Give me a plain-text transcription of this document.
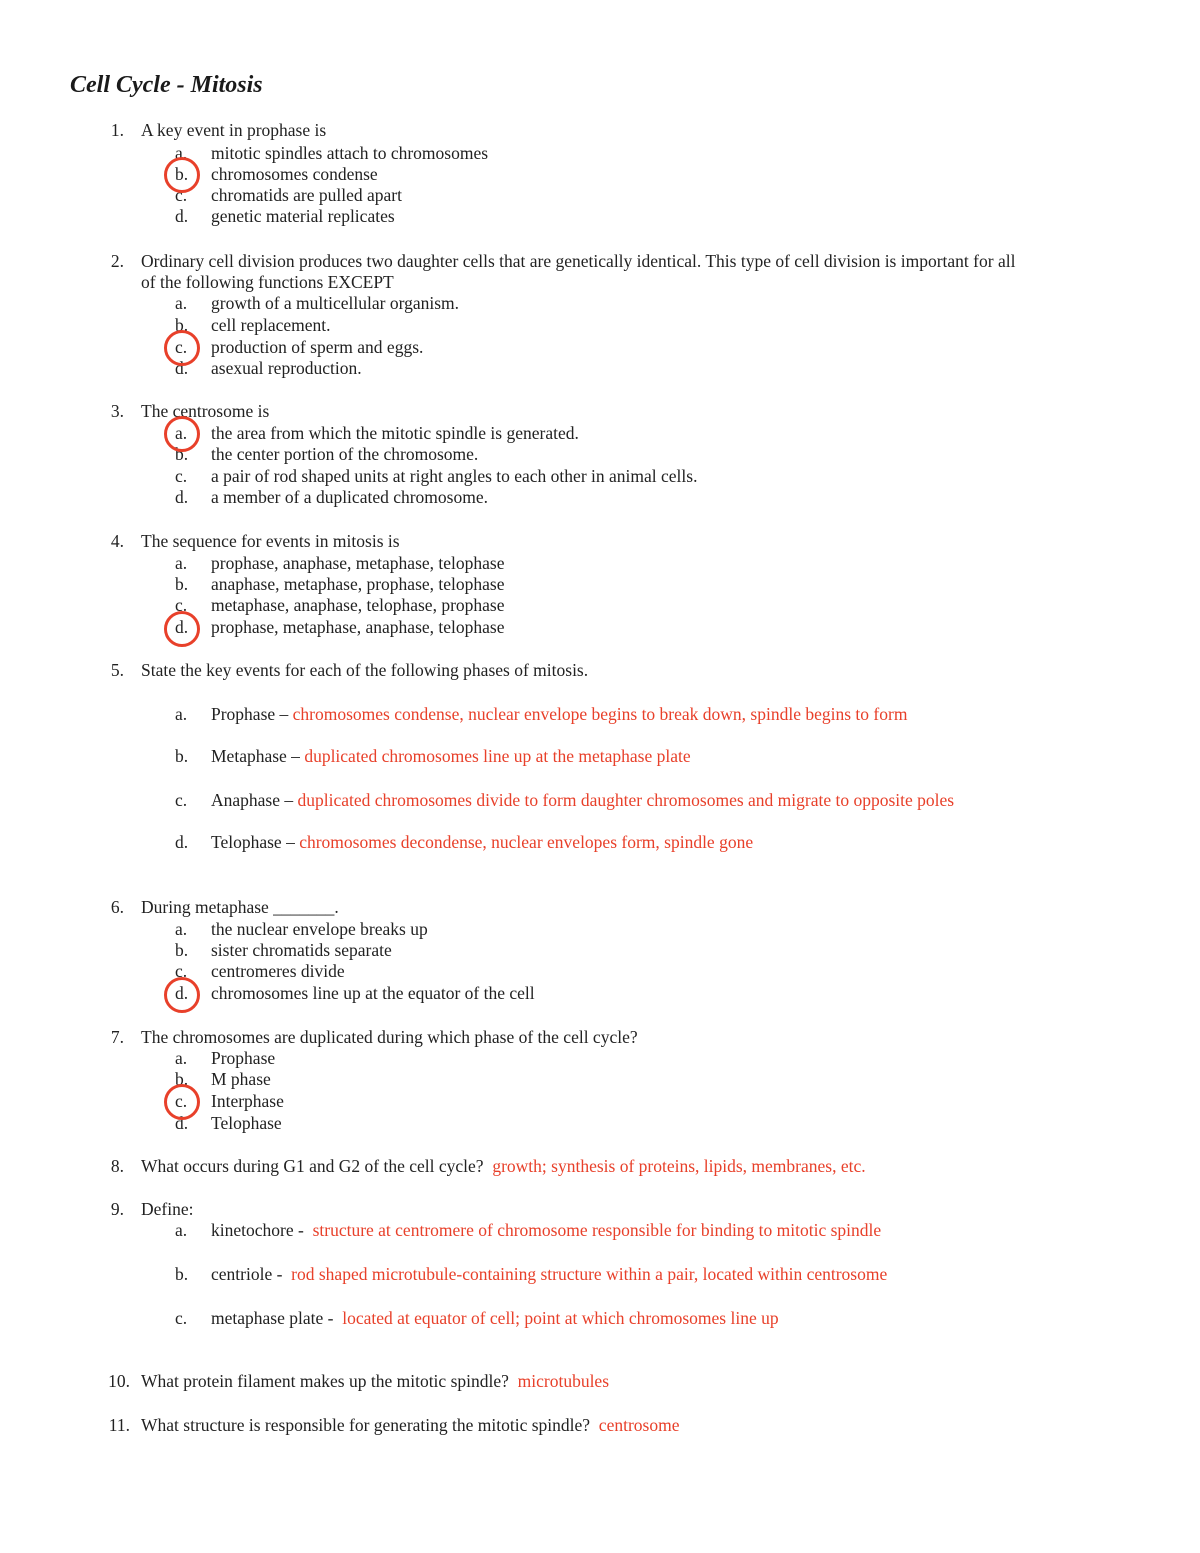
Cell Cycle - Mitosis
1. A key event in prophase is
a. mitotic spindles attach to chromosomes
b. chromosomes condense
c. chromatids are pulled apart
d. genetic material replicates
2. Ordinary cell division produces two daughter cells that are genetically identical. This type of cell division is important for all
of the following functions EXCEPT
a. growth of a multicellular organism.
b. cell replacement.
c. production of sperm and eggs.
d. asexual reproduction.
3. The centrosome is
a. the area from which the mitotic spindle is generated.
b. the center portion of the chromosome.
c. a pair of rod shaped units at right angles to each other in animal cells.
d. a member of a duplicated chromosome.
4. The sequence for events in mitosis is
a. prophase, anaphase, metaphase, telophase
b. anaphase, metaphase, prophase, telophase
c. metaphase, anaphase, telophase, prophase
d. prophase, metaphase, anaphase, telophase
5. State the key events for each of the following phases of mitosis.
a. Prophase – chromosomes condense, nuclear envelope begins to break down, spindle begins to form
b. Metaphase – duplicated chromosomes line up at the metaphase plate
c. Anaphase – duplicated chromosomes divide to form daughter chromosomes and migrate to opposite poles
d. Telophase – chromosomes decondense, nuclear envelopes form, spindle gone
6. During metaphase _______.
a. the nuclear envelope breaks up
b. sister chromatids separate
c. centromeres divide
d. chromosomes line up at the equator of the cell
7. The chromosomes are duplicated during which phase of the cell cycle?
a. Prophase
b. M phase
c. Interphase
d. Telophase
8. What occurs during G1 and G2 of the cell cycle? growth; synthesis of proteins, lipids, membranes, etc.
9. Define:
a. kinetochore - structure at centromere of chromosome responsible for binding to mitotic spindle
b. centriole - rod shaped microtubule-containing structure within a pair, located within centrosome
c. metaphase plate - located at equator of cell; point at which chromosomes line up
10. What protein filament makes up the mitotic spindle? microtubules
11. What structure is responsible for generating the mitotic spindle? centrosome
